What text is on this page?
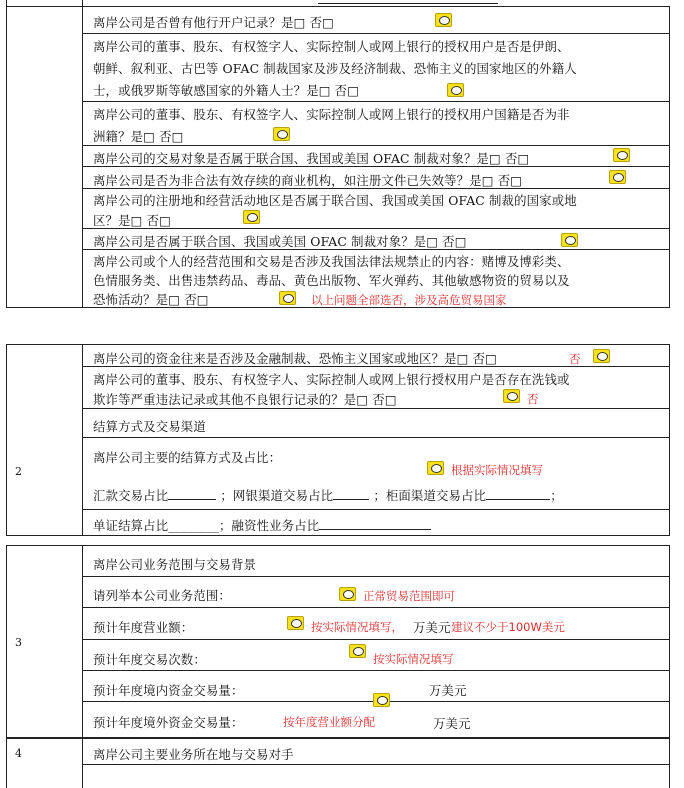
离岸公司是否曾有他行开户记录？是□ 否□
离岸公司的董事、股东、有权签字人、实际控制人或网上银行的授权用户是否是伊朗、
朝鲜、叙利亚、古巴等 OFAC 制裁国家及涉及经济制裁、恐怖主义的国家地区的外籍人
士，或俄罗斯等敏感国家的外籍人士？是□ 否□
离岸公司的董事、股东、有权签字人、实际控制人或网上银行的授权用户国籍是否为非
洲籍？是□ 否□
离岸公司的交易对象是否属于联合国、我国或美国 OFAC 制裁对象？是□ 否□
离岸公司是否为非合法有效存续的商业机构，如注册文件已失效等？是□ 否□
离岸公司的注册地和经营活动地区是否属于联合国、我国或美国 OFAC 制裁的国家或地
区？是□ 否□
离岸公司是否属于联合国、我国或美国 OFAC 制裁对象？是□ 否□
离岸公司或个人的经营范围和交易是否涉及我国法律法规禁止的内容：赌博及博彩类、
色情服务类、出售违禁药品、毒品、黄色出版物、军火弹药、其他敏感物资的贸易以及
恐怖活动？是□ 否□	以上问题全部选否，涉及高危贸易国家
2
离岸公司的资金往来是否涉及金融制裁、恐怖主义国家或地区？是□ 否□	否
离岸公司的董事、股东、有权签字人、实际控制人或网上银行授权用户是否存在洗钱或
欺诈等严重违法记录或其他不良银行记录的？是□ 否□	否
结算方式及交易渠道
离岸公司主要的结算方式及占比：
根据实际情况填写
汇款交易占比	；网银渠道交易占比	；柜面渠道交易占比	；
单证结算占比________；融资性业务占比
3
离岸公司业务范围与交易背景
请列举本公司业务范围：	正常贸易范围即可
预计年度营业额：	按实际情况填写， 万美元 建议不少于100W美元
预计年度交易次数：	按实际情况填写
预计年度境内资金交易量：	万美元
预计年度境外资金交易量：	按年度营业额分配	万美元
4	离岸公司主要业务所在地与交易对手
